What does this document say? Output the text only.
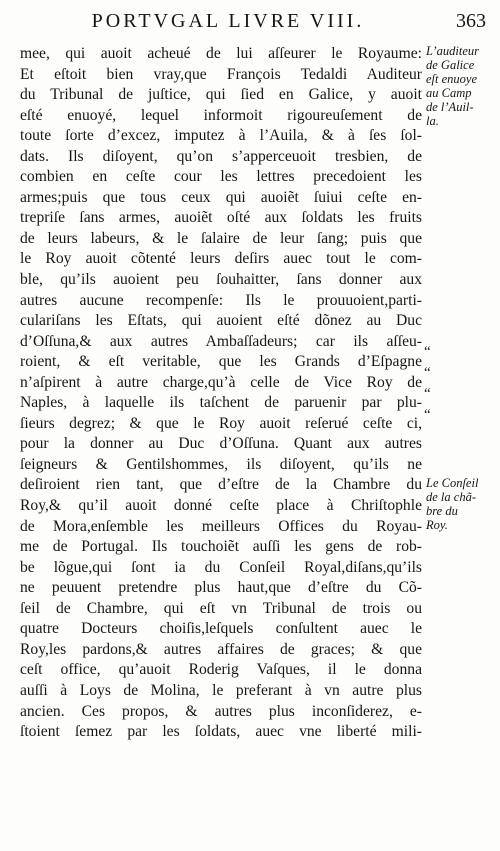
PORTVGAL LIVRE VIII.	363
mee, qui auoit acheué de lui aſſeurer le Royaume:
Et eſtoit bien vray,que François Tedaldi Auditeur
du Tribunal de juſtice, qui ſied en Galice, y auoit
eſté enuoyé, lequel informoit rigoureuſement de
toute ſorte d’excez, imputez à l’Auila, & à ſes ſol-
dats. Ils diſoyent, qu’on s’apperceuoit tresbien, de
combien en ceſte cour les lettres precedoient les
armes;puis que tous ceux qui auoiẽt ſuiui ceſte en-
trepriſe ſans armes, auoiẽt oſté aux ſoldats les fruits
de leurs labeurs, & le ſalaire de leur ſang; puis que
le Roy auoit cõtenté leurs deſirs auec tout le com-
ble, qu’ils auoient peu ſouhaitter, ſans donner aux
autres aucune recompenſe: Ils le prouuoient,parti-
culariſans les Eſtats, qui auoient eſté dõnez au Duc
d’Oſſuna,& aux autres Ambaſſadeurs; car ils aſſeu-
roient, & eſt veritable, que les Grands d’Eſpagne
n’aſpirent à autre charge,qu’à celle de Vice Roy de
Naples, à laquelle ils taſchent de paruenir par plu-
ſieurs degrez; & que le Roy auoit reſerué ceſte ci,
pour la donner au Duc d’Oſſuna. Quant aux autres
ſeigneurs & Gentilshommes, ils diſoyent, qu’ils ne
deſiroient rien tant, que d’eſtre de la Chambre du
Roy,& qu’il auoit donné ceſte place à Chriſtophle
de Mora,enſemble les meilleurs Offices du Royau-
me de Portugal. Ils touchoiẽt auſſi les gens de rob-
be lõgue,qui ſont ia du Conſeil Royal,diſans,qu’ils
ne peuuent pretendre plus haut,que d’eſtre du Cõ-
ſeil de Chambre, qui eſt vn Tribunal de trois ou
quatre Docteurs choiſis,leſquels conſultent auec le
Roy,les pardons,& autres affaires de graces; & que
ceſt office, qu’auoit Roderig Vaſques, il le donna
auſſi à Loys de Molina, le preferant à vn autre plus
ancien. Ces propos, & autres plus inconſiderez, e-
ſtoient ſemez par les ſoldats, auec vne liberté mili-
“
“
“
“
L’auditeur
de Galice
eſt enuoye
au Camp
de l’Auil-
la.
Le Conſeil
de la chã-
bre du
Roy.
